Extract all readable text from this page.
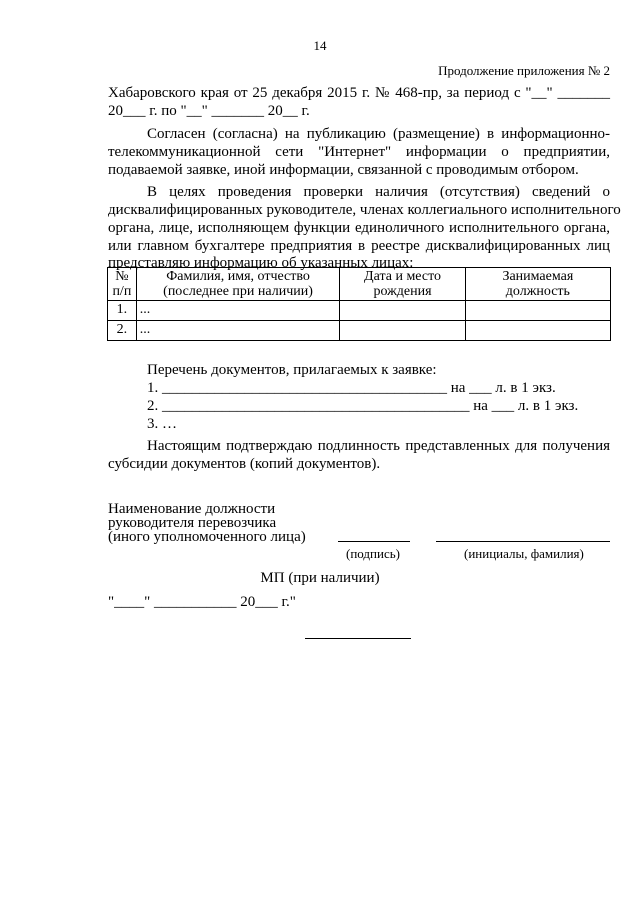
14
Продолжение приложения № 2
Хабаровского края от 25 декабря 2015 г. № 468-пр, за период с "__" _______
20___ г. по "__" _______ 20__ г.
Согласен (согласна) на публикацию (размещение) в информационно-
телекоммуникационной сети "Интернет" информации о предприятии,
подаваемой заявке, иной информации, связанной с проводимым отбором.
В целях проведения проверки наличия (отсутствия) сведений о
дисквалифицированных руководителе, членах коллегиального исполнительного
органа, лице, исполняющем функции единоличного исполнительного органа,
или главном бухгалтере предприятия в реестре дисквалифицированных лиц
представляю информацию об указанных лицах:
№ п/п	Фамилия, имя, отчество (последнее при наличии)	Дата и место рождения	Занимаемая должность
1.	...		
2.	...		
Перечень документов, прилагаемых к заявке:
1. ______________________________________ на ___ л. в 1 экз.
2. _________________________________________ на ___ л. в 1 экз.
3. …
Настоящим подтверждаю подлинность представленных для получения
субсидии документов (копий документов).
Наименование должности
руководителя перевозчика
(иного уполномоченного лица)
(подпись)	(инициалы, фамилия)
МП (при наличии)
"____" ___________ 20___ г."
